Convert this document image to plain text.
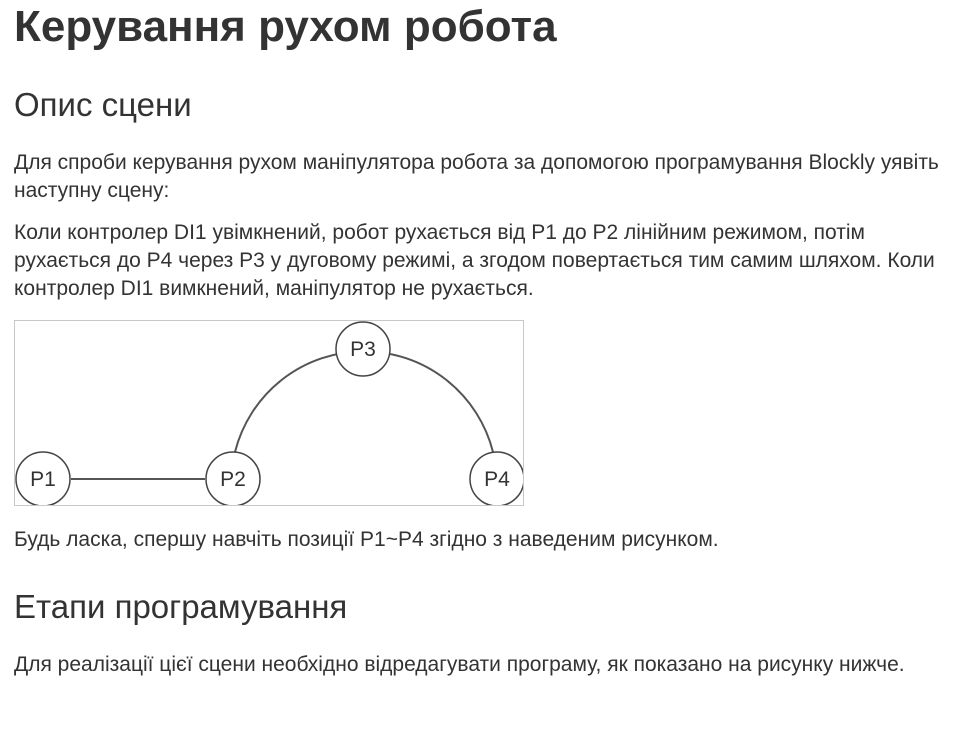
Керування рухом робота
Опис сцени

Для спроби керування рухом маніпулятора робота за допомогою програмування Blockly уявіть наступну сцену:

Коли контролер DI1 увімкнений, робот рухається від P1 до P2 лінійним режимом, потім рухається до P4 через P3 у дуговому режимі, а згодом повертається тим самим шляхом. Коли контролер DI1 вимкнений, маніпулятор не рухається.

P1	P2
P3
P4

Будь ласка, спершу навчіть позиції P1~P4 згідно з наведеним рисунком.

Етапи програмування

Для реалізації цієї сцени необхідно відредагувати програму, як показано на рисунку нижче.
